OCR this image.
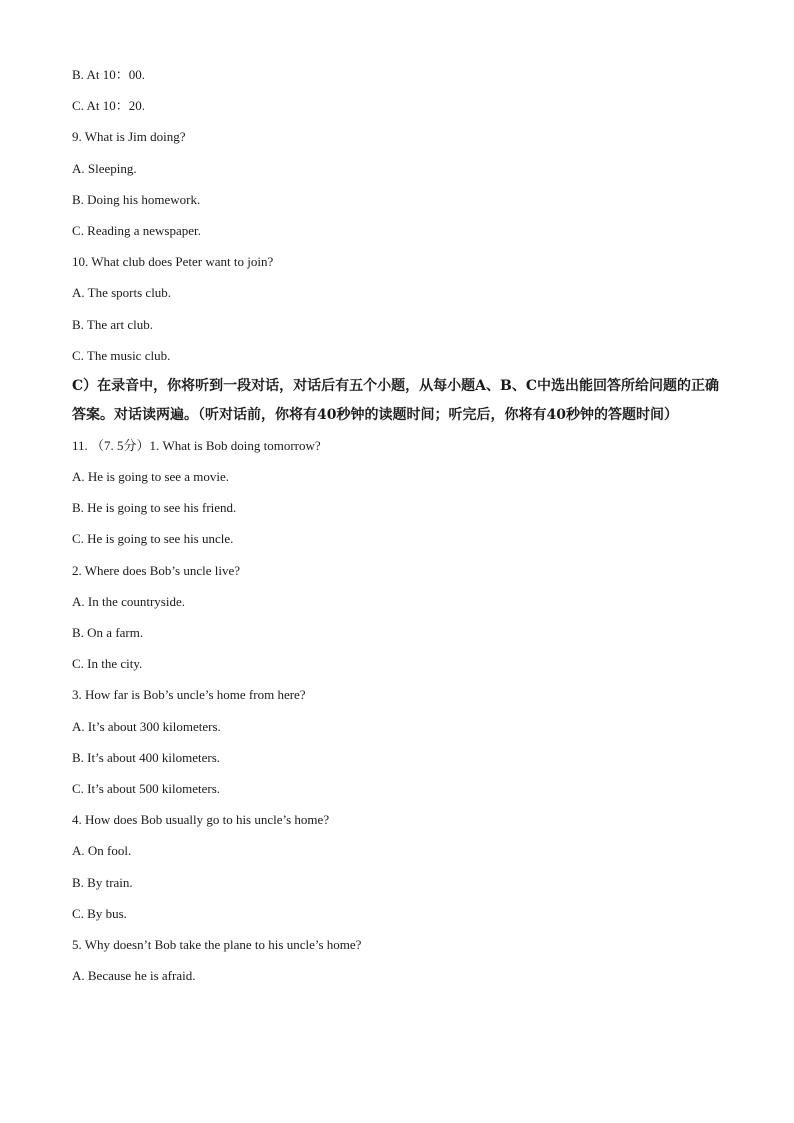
B. At 10：00.
C. At 10：20.
9. What is Jim doing?
A. Sleeping.
B. Doing his homework.
C. Reading a newspaper.
10. What club does Peter want to join?
A. The sports club.
B. The art club.
C. The music club.
C）在录音中，你将听到一段对话，对话后有五个小题，从每小题A、B、C中选出能回答所给问题的正确答案。对话读两遍。（听对话前，你将有40秒钟的读题时间；听完后，你将有40秒钟的答题时间）
11. （7. 5分）1. What is Bob doing tomorrow?
A. He is going to see a movie.
B. He is going to see his friend.
C. He is going to see his uncle.
2. Where does Bob’s uncle live?
A. In the countryside.
B. On a farm.
C. In the city.
3. How far is Bob’s uncle’s home from here?
A. It’s about 300 kilometers.
B. It’s about 400 kilometers.
C. It’s about 500 kilometers.
4. How does Bob usually go to his uncle’s home?
A. On fool.
B. By train.
C. By bus.
5. Why doesn’t Bob take the plane to his uncle’s home?
A. Because he is afraid.
